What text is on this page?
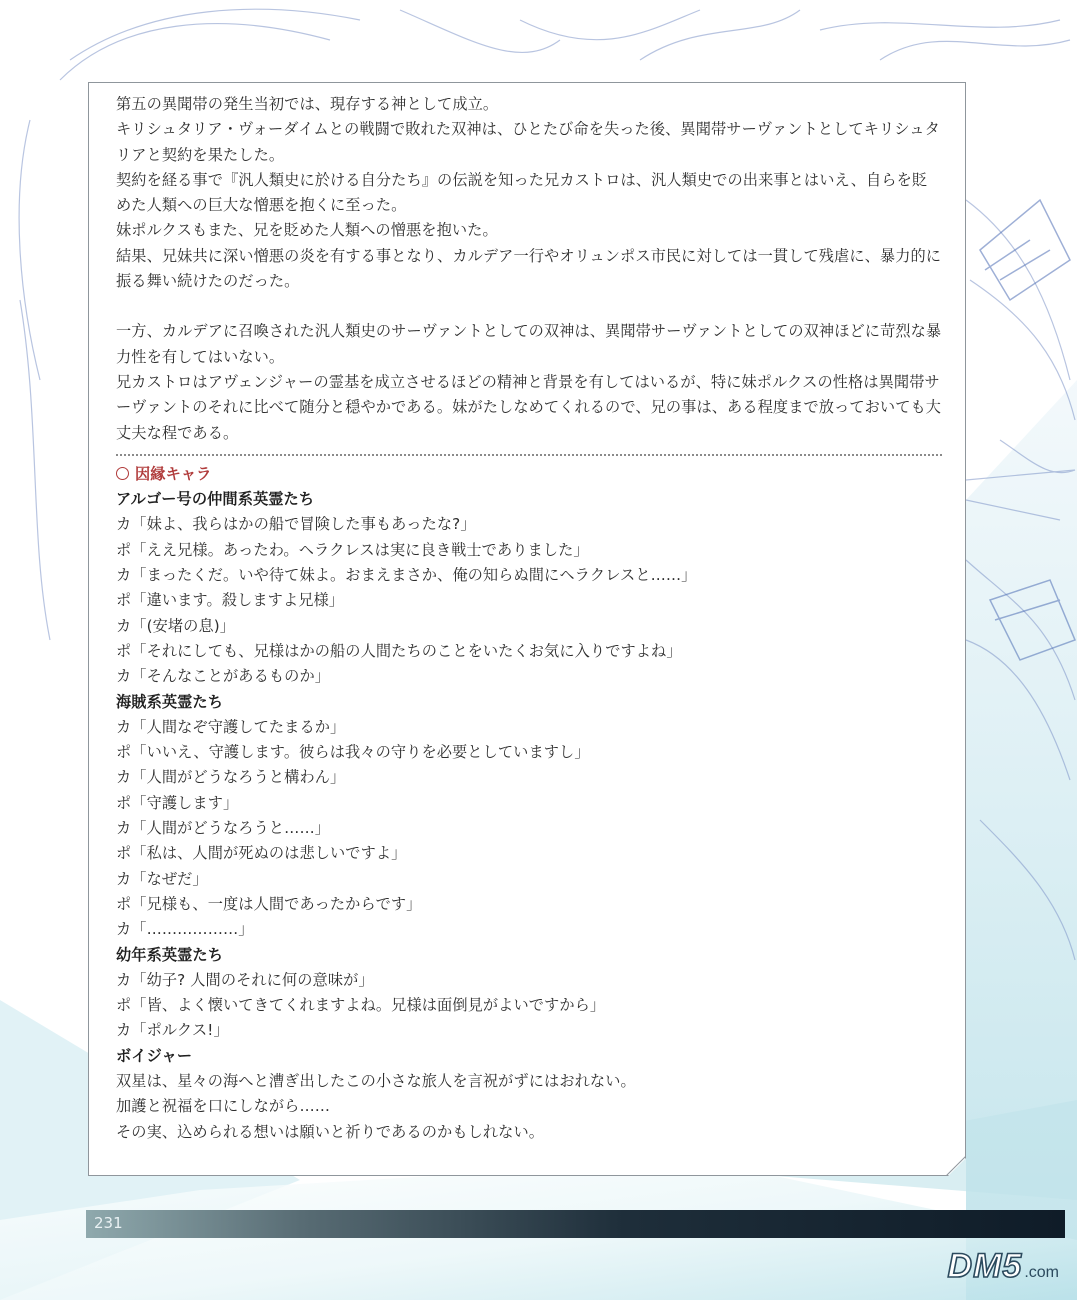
第五の異聞帯の発生当初では、現存する神として成立。

キリシュタリア・ヴォーダイムとの戦闘で敗れた双神は、ひとたび命を失った後、異聞帯サーヴァントとしてキリシュタリアと契約を果たした。

契約を経る事で『汎人類史に於ける自分たち』の伝説を知った兄カストロは、汎人類史での出来事とはいえ、自らを貶めた人類への巨大な憎悪を抱くに至った。

妹ポルクスもまた、兄を貶めた人類への憎悪を抱いた。

結果、兄妹共に深い憎悪の炎を有する事となり、カルデア一行やオリュンポス市民に対しては一貫して残虐に、暴力的に振る舞い続けたのだった。

一方、カルデアに召喚された汎人類史のサーヴァントとしての双神は、異聞帯サーヴァントとしての双神ほどに苛烈な暴力性を有してはいない。

兄カストロはアヴェンジャーの霊基を成立させるほどの精神と背景を有してはいるが、特に妹ポルクスの性格は異聞帯サーヴァントのそれに比べて随分と穏やかである。妹がたしなめてくれるので、兄の事は、ある程度まで放っておいても大丈夫な程である。

因縁キャラ

アルゴー号の仲間系英霊たち

カ「妹よ、我らはかの船で冒険した事もあったな?」

ポ「ええ兄様。あったわ。ヘラクレスは実に良き戦士でありました」

カ「まったくだ。いや待て妹よ。おまえまさか、俺の知らぬ間にヘラクレスと……」

ポ「違います。殺しますよ兄様」

カ「(安堵の息)」

ポ「それにしても、兄様はかの船の人間たちのことをいたくお気に入りですよね」

カ「そんなことがあるものか」

海賊系英霊たち

カ「人間なぞ守護してたまるか」

ポ「いいえ、守護します。彼らは我々の守りを必要としていますし」

カ「人間がどうなろうと構わん」

ポ「守護します」

カ「人間がどうなろうと……」

ポ「私は、人間が死ぬのは悲しいですよ」

カ「なぜだ」

ポ「兄様も、一度は人間であったからです」

カ「………………」

幼年系英霊たち

カ「幼子? 人間のそれに何の意味が」

ポ「皆、よく懐いてきてくれますよね。兄様は面倒見がよいですから」

カ「ポルクス!」

ボイジャー

双星は、星々の海へと漕ぎ出したこの小さな旅人を言祝がずにはおれない。

加護と祝福を口にしながら……

その実、込められる想いは願いと祈りであるのかもしれない。

231
DM5 .com
